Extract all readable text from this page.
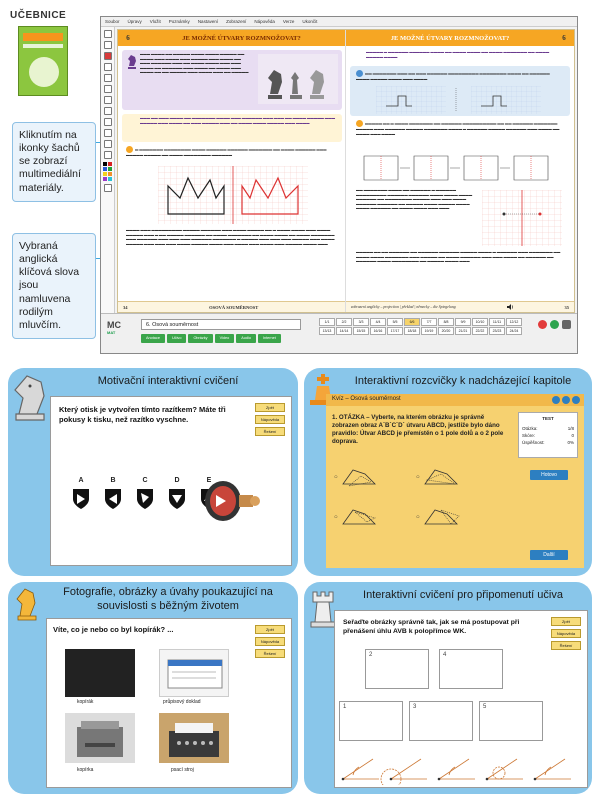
UČEBNICE
Kliknutím na ikonky šachů se zobrazí multimediální materiály.
Vybraná anglická klíčová slova jsou namluvena rodilým mluvčím.
Soubor Úpravy Vložit Poznámky Nastavení Zobrazení Nápověda Verze Ukončit
6	JE MOŽNÉ ÚTVARY ROZMNOŽOVAT?
▬▬▬ ▬▬▬▬ ▬▬ ▬▬▬▬▬ ▬▬▬▬ ▬▬▬▬ ▬▬▬▬▬ ▬▬ ▬▬▬▬ ▬▬▬ ▬▬▬▬ ▬▬▬ ▬▬▬▬▬ ▬▬▬ ▬▬▬▬ ▬▬ ▬▬▬ ▬▬▬▬▬▬ ▬▬▬ ▬▬ ▬▬▬▬ ▬▬▬▬ ▬▬▬ ▬▬▬ ▬▬▬▬ ▬▬ ▬▬▬▬▬▬ ▬▬▬ ▬▬▬▬ ▬▬ ▬▬▬▬ ▬▬▬ ▬▬▬▬ ▬▬ ▬▬ ▬▬▬▬▬ ▬▬▬ ▬▬▬▬ ▬▬▬ ▬▬ ▬▬▬▬▬
▬▬▬ ▬▬ ▬▬▬ ▬▬▬▬ ▬▬ ▬▬▬▬▬▬▬ ▬▬▬▬ ▬▬▬ ▬▬▬▬▬▬ ▬▬▬ ▬▬▬ ▬▬ ▬▬▬▬ ▬▬▬▬▬ ▬▬▬ ▬▬▬▬▬ ▬▬▬ ▬▬▬▬ ▬▬ ▬▬▬ ▬▬▬▬▬ ▬▬▬ ▬▬ ▬▬▬▬ ▬▬▬▬ ▬▬▬▬▬ ▬▬▬ ▬▬▬▬
▬ ▬▬▬▬▬▬▬ ▬▬▬▬▬▬▬▬ ▬▬▬▬ ▬▬▬▬▬▬ ▬▬▬▬▬▬ ▬▬▬▬▬▬▬ ▬▬ ▬▬▬▬ ▬▬▬▬▬▬ ▬▬▬ ▬▬▬▬▬ ▬▬▬▬▬ ▬▬ ▬▬▬▬ ▬▬▬▬▬▬▬▬ ▬▬▬▬▬▬
▬▬▬▬ ▬▬▬ ▬▬▬▬▬▬▬▬▬ ▬▬▬▬▬ ▬▬▬▬▬▬ ▬▬▬ ▬▬▬▬ ▬▬▬▬▬ ▬▬ ▬ ▬▬▬▬ ▬▬▬▬ ▬▬▬ ▬▬▬▬ ▬▬▬▬▬ ▬▬▬ ▬ ▬▬ ▬▬▬▬▬ ▬▬▬▬▬▬ ▬▬ ▬▬▬▬ ▬▬▬▬▬▬▬ ▬▬ ▬▬▬▬ ▬▬▬▬ ▬▬ ▬▬▬▬ ▬▬▬▬▬▬▬ ▬▬▬ ▬▬▬▬▬▬ ▬▬▬ ▬▬▬ ▬▬▬ ▬▬▬▬▬▬ ▬▬▬▬▬▬▬ ▬ ▬▬▬▬▬ ▬▬▬ ▬▬▬ ▬▬▬ ▬▬▬▬▬ ▬▬▬ ▬▬▬▬ ▬▬▬▬▬ ▬▬▬ ▬▬▬ ▬▬▬ ▬▬▬▬ ▬▬▬▬▬ ▬▬▬▬ ▬▬▬ ▬▬▬▬ ▬▬▬ ▬▬▬▬ ▬▬▬ ▬▬▬▬▬ ▬▬▬▬ ▬▬▬
34	OSOVÁ SOUMĚRNOST
JE MOŽNÉ ÚTVARY ROZMNOŽOVAT?	6
▬▬▬▬▬ ▬ ▬▬▬▬▬▬ ▬▬▬▬▬▬ ▬▬▬▬ ▬▬ ▬▬▬▬ ▬▬▬▬ ▬▬ ▬▬▬▬ ▬▬▬▬▬▬▬ ▬▬ ▬▬▬▬ ▬▬▬▬▬ ▬▬▬▬
▬▬ ▬▬▬▬▬▬▬ ▬▬▬ ▬▬ ▬▬▬ ▬▬▬▬▬▬ ▬▬▬▬▬▬▬▬▬ ▬▬▬▬▬▬▬▬ ▬▬▬▬ ▬▬ ▬▬▬▬▬▬ ▬▬▬▬ ▬▬▬▬▬ ▬▬▬▬ ▬▬▬ ▬▬▬▬
▬▬▬▬▬ ▬▬ ▬ ▬▬▬▬ ▬▬▬▬▬▬▬ ▬▬ ▬▬▬▬▬▬ ▬▬▬▬▬▬▬▬▬▬ ▬▬ ▬▬ ▬▬▬▬▬▬ ▬▬▬▬▬▬▬ ▬▬▬▬▬ ▬▬▬ ▬▬▬▬▬▬ ▬▬▬▬▬ ▬▬▬▬▬▬▬ ▬▬▬▬ ▬ ▬▬▬▬▬▬ ▬▬▬▬▬ ▬▬▬▬▬▬ ▬▬▬ ▬▬▬▬ ▬▬ ▬▬▬▬ ▬▬▬ ▬▬▬▬
▬▬ ▬▬▬▬▬▬▬ ▬▬▬▬ ▬▬ ▬▬▬▬▬▬ ▬ ▬▬▬▬▬▬ ▬▬▬▬▬▬▬▬▬ ▬▬▬▬▬▬ ▬▬▬▬▬▬ ▬▬▬▬ ▬▬▬▬ ▬▬▬▬ ▬▬▬▬▬▬ ▬▬ ▬▬▬▬▬▬▬▬ ▬▬▬▬▬ ▬▬▬ ▬▬▬ ▬▬▬▬ ▬▬▬▬▬▬ ▬▬▬▬▬▬ ▬▬ ▬▬▬▬▬ ▬▬▬▬ ▬▬▬▬▬ ▬▬▬▬ ▬▬▬▬ ▬▬▬▬▬▬ ▬▬ ▬▬▬▬ ▬▬▬▬ ▬▬▬ ▬▬▬
▬▬▬▬▬ ▬▬ ▬▬ ▬▬▬▬▬▬ ▬▬ ▬▬▬▬▬▬ ▬▬▬▬▬▬ ▬▬▬▬▬ ▬▬▬▬ ▬ ▬▬▬▬▬▬ ▬▬▬ ▬▬▬▬▬▬▬ ▬▬ ▬▬▬▬ ▬▬▬▬ ▬▬▬▬▬▬▬ ▬▬▬ ▬▬▬▬▬ ▬▬ ▬▬▬▬ ▬▬▬▬▬▬ ▬▬▬ ▬▬▬ ▬▬▬▬ ▬▬ ▬▬▬▬▬▬ ▬▬ ▬▬▬▬▬▬ ▬▬▬▬ ▬▬▬▬▬▬▬▬ ▬▬ ▬▬▬▬▬ ▬▬▬▬ ▬▬▬
zobrazení anglicky – projection | překlad | německy – die Spiegelung	35
MC
MAT
6. Osová souměrnost
Anotace	Učivo	Obrázky	Video	Audio	Internet
1/1	2/2	3/3	4/4	5/5	6/6	7/7	8/8	9/9	10/10	11/11	12/12
13/13	14/14	15/15	16/16	17/17	18/18	19/19	20/20	21/21	22/22	23/23	24/24
Motivační interaktivní cvičení
Který otisk je vytvořen tímto razítkem? Máte tři pokusy k tisku, než razítko vyschne.
Zpět
Nápověda
Řešení
A	B	C	D	E
Interaktivní rozcvičky k nadcházející kapitole
Kvíz – Osová souměrnost
1. OTÁZKA – Vyberte, na kterém obrázku je správně zobrazen obraz A´B´C´D´ útvaru ABCD, jestliže bylo dáno pravidlo: Útvar ABCD je přemístěn o 1 pole dolů a o 2 pole doprava.
TEST
Otázka:	1/8
Skóre:	0
Úspěšnost:	0%
Hotovo
Další
○
○
○
○
Fotografie, obrázky a úvahy poukazující na souvislosti s běžným životem
Víte, co je nebo co byl kopírák? ...	Zpět
Nápověda
Řešení
kopírák	průpisový doklad
kopírka	psací stroj
Interaktivní cvičení pro připomenutí učiva
Seřaďte obrázky správně tak, jak se má postupovat při přenášení úhlu AVB k polopřímce WK.
Zpět
Nápověda
Řešení
2	4
1	3	5
